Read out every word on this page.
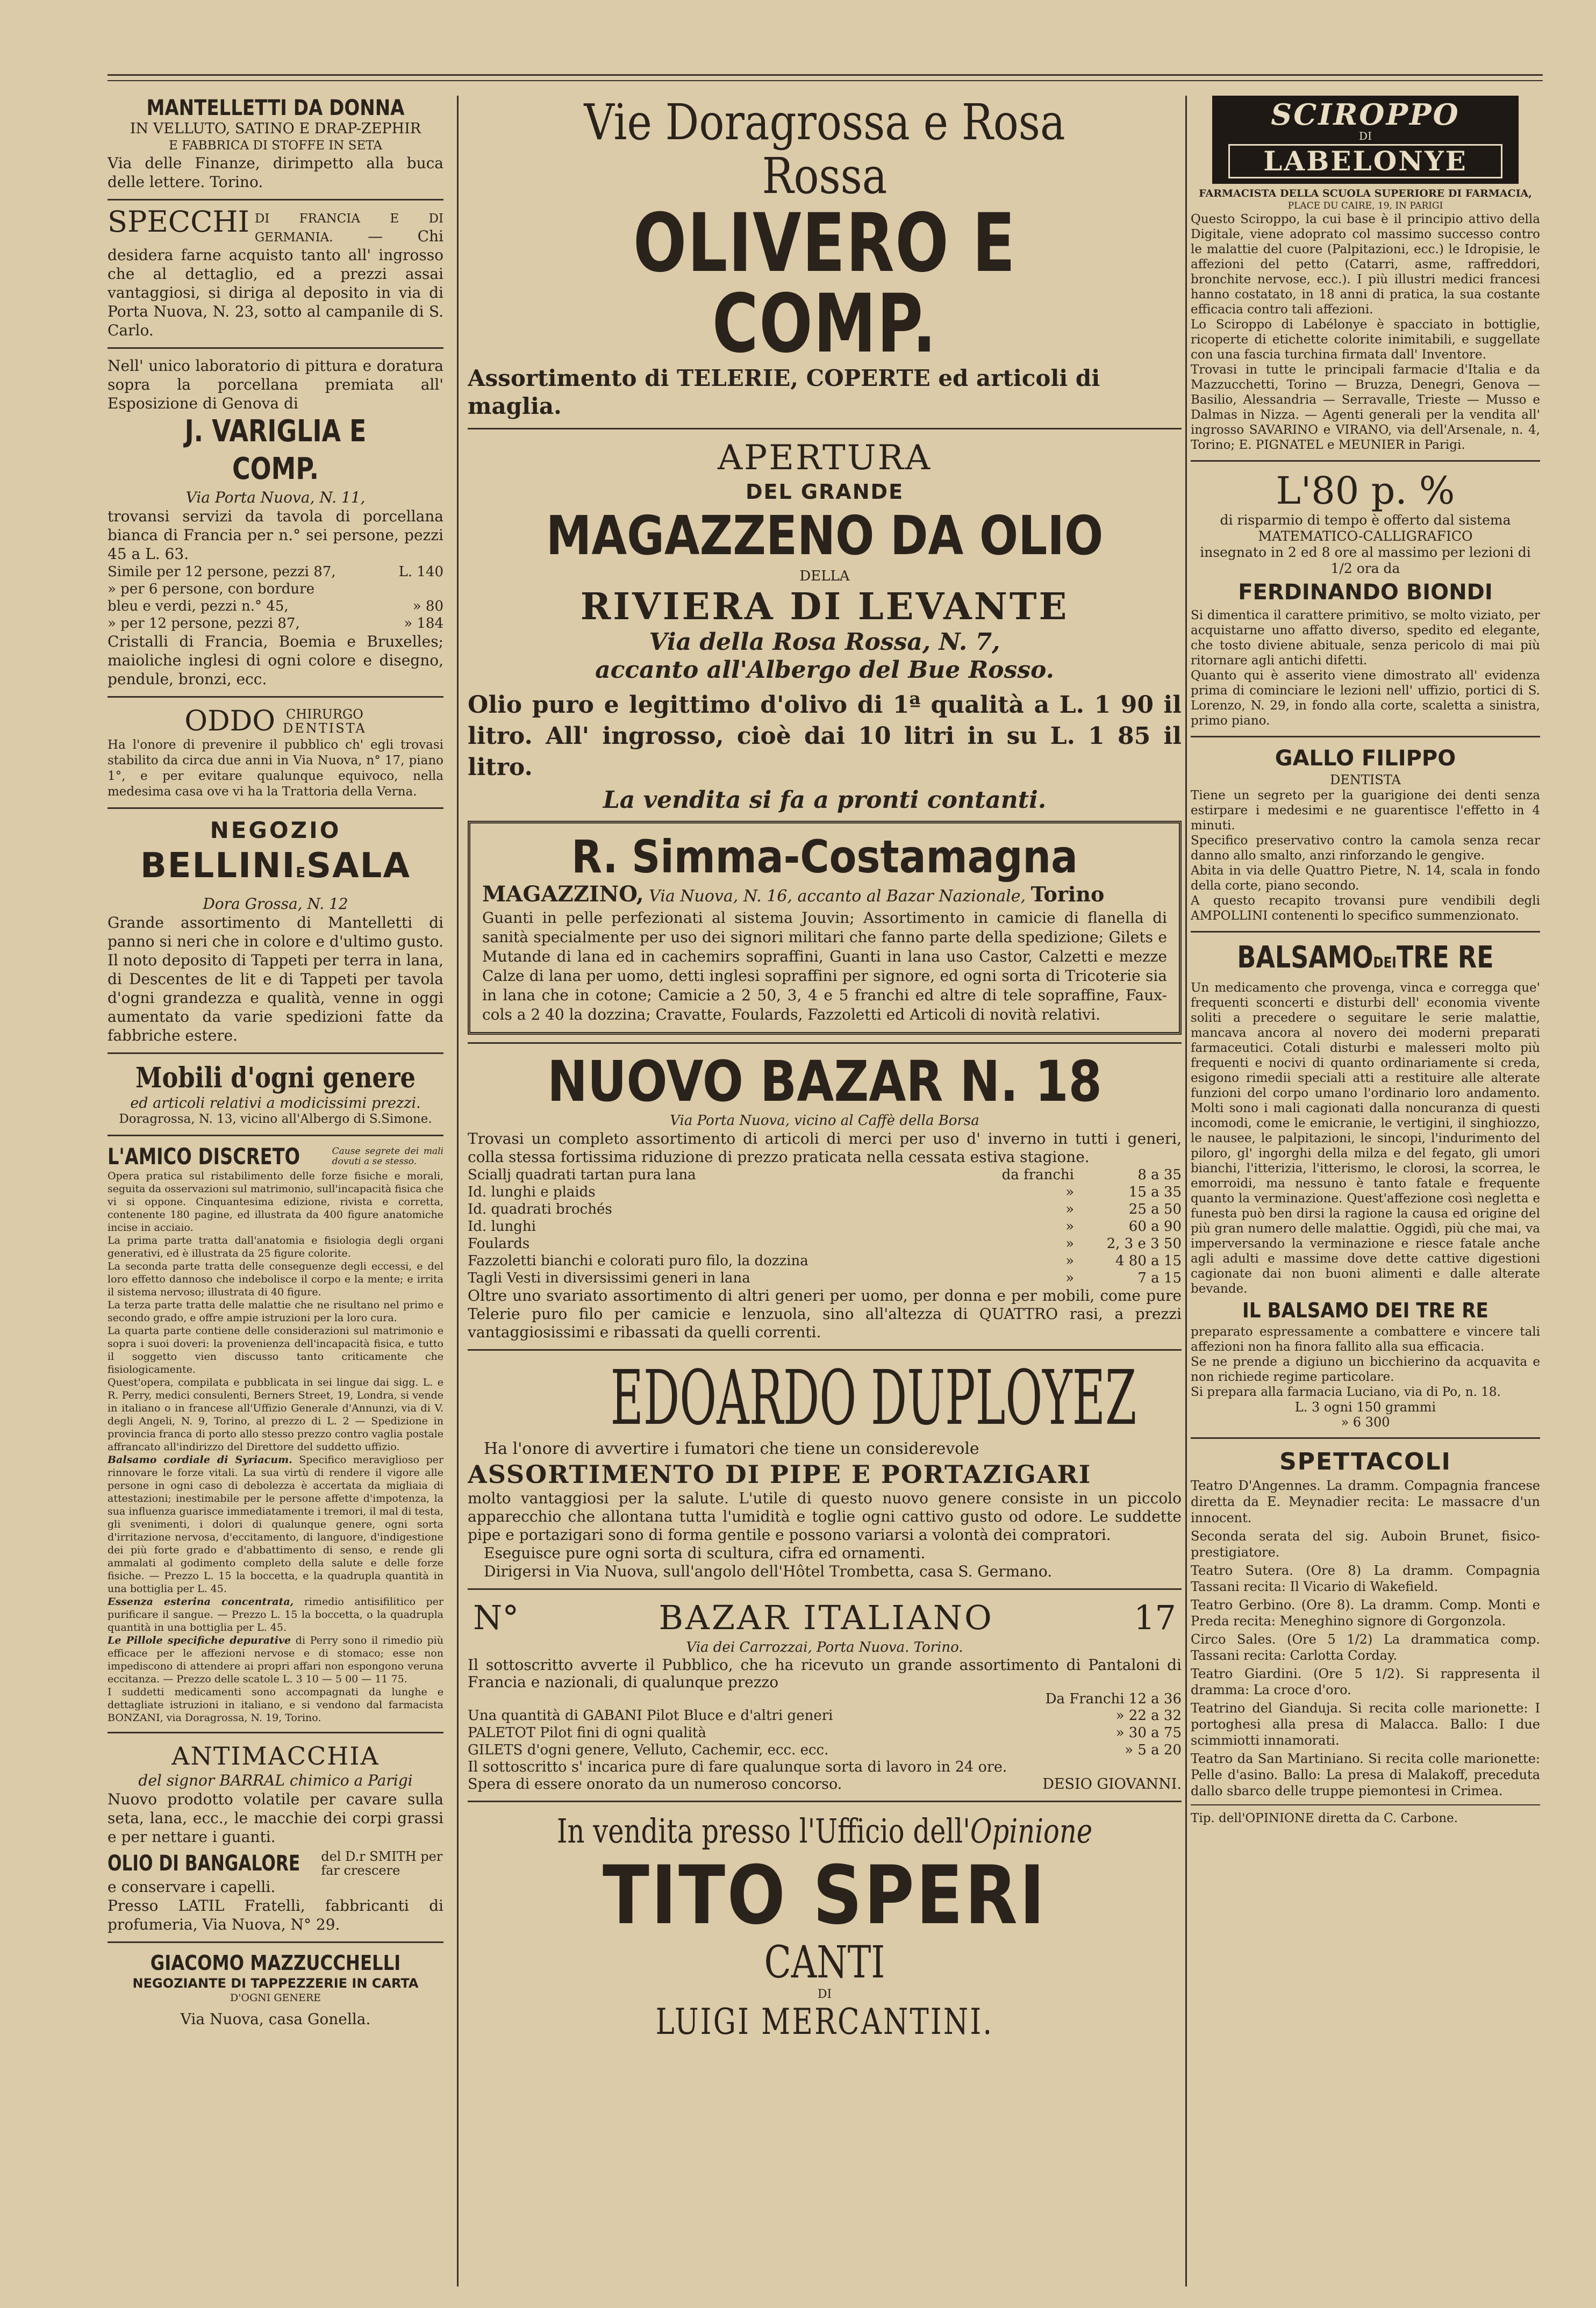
MANTELLETTI DA DONNA
IN VELLUTO, SATINO E DRAP-ZEPHIR
E FABBRICA DI STOFFE IN SETA
Via delle Finanze, dirimpetto alla buca delle lettere. Torino.
SPECCHI DI FRANCIA E DI GERMANIA. — Chi desidera farne acquisto tanto all' ingrosso che al dettaglio, ed a prezzi assai vantaggiosi, si diriga al deposito in via di Porta Nuova, N. 23, sotto al campanile di S. Carlo.

Nell' unico laboratorio di pittura e doratura sopra la porcellana premiata all' Esposizione di Genova di

J. VARIGLIA E COMP.
Via Porta Nuova, N. 11,

trovansi servizi da tavola di porcellana bianca di Francia per n.° sei persone, pezzi 45 a L. 63.

Simile per 12 persone, pezzi 87,	L. 140
» per 6 persone, con bordure
bleu e verdi, pezzi n.° 45,	» 80
» per 12 persone, pezzi 87,	» 184

Cristalli di Francia, Boemia e Bruxelles; maioliche inglesi di ogni colore e disegno, pendule, bronzi, ecc.

ODDO CHIRURGO
DENTISTA

Ha l'onore di prevenire il pubblico ch' egli trovasi stabilito da circa due anni in Via Nuova, n° 17, piano 1°, e per evitare qualunque equivoco, nella medesima casa ove vi ha la Trattoria della Verna.

NEGOZIO
BELLINIESALA
Dora Grossa, N. 12

Grande assortimento di Mantelletti di panno si neri che in colore e d'ultimo gusto. Il noto deposito di Tappeti per terra in lana, di Descentes de lit e di Tappeti per tavola d'ogni grandezza e qualità, venne in oggi aumentato da varie spedizioni fatte da fabbriche estere.

Mobili d'ogni genere
ed articoli relativi a modicissimi prezzi.
Doragrossa, N. 13, vicino all'Albergo di S.Simone.
L'AMICO DISCRETO	Cause segrete dei mali dovuti a se stesso.

Opera pratica sul ristabilimento delle forze fisiche e morali, seguita da osservazioni sul matrimonio, sull'incapacità fisica che vi si oppone. Cinquantesima edizione, rivista e corretta, contenente 180 pagine, ed illustrata da 400 figure anatomiche incise in acciaio.

La prima parte tratta dall'anatomia e fisiologia degli organi generativi, ed è illustrata da 25 figure colorite.

La seconda parte tratta delle conseguenze degli eccessi, e del loro effetto dannoso che indebolisce il corpo e la mente; e irrita il sistema nervoso; illustrata di 40 figure.

La terza parte tratta delle malattie che ne risultano nel primo e secondo grado, e offre ampie istruzioni per la loro cura.

La quarta parte contiene delle considerazioni sul matrimonio e sopra i suoi doveri: la provenienza dell'incapacità fisica, e tutto il soggetto vien discusso tanto criticamente che fisiologicamente.

Quest'opera, compilata e pubblicata in sei lingue dai sigg. L. e R. Perry, medici consulenti, Berners Street, 19, Londra, si vende in italiano o in francese all'Uffizio Generale d'Annunzi, via di V. degli Angeli, N. 9, Torino, al prezzo di L. 2 — Spedizione in provincia franca di porto allo stesso prezzo contro vaglia postale affrancato all'indirizzo del Direttore del suddetto uffizio.

Balsamo cordiale di Syriacum. Specifico meraviglioso per rinnovare le forze vitali. La sua virtù di rendere il vigore alle persone in ogni caso di debolezza è accertata da migliaia di attestazioni; inestimabile per le persone affette d'impotenza, la sua influenza guarisce immediatamente i tremori, il mal di testa, gli svenimenti, i dolori di qualunque genere, ogni sorta d'irritazione nervosa, d'eccitamento, di languore, d'indigestione dei più forte grado e d'abbattimento di senso, e rende gli ammalati al godimento completo della salute e delle forze fisiche. — Prezzo L. 15 la boccetta, e la quadrupla quantità in una bottiglia per L. 45.

Essenza esterina concentrata, rimedio antisifilitico per purificare il sangue. — Prezzo L. 15 la boccetta, o la quadrupla quantità in una bottiglia per L. 45.

Le Pillole specifiche depurative di Perry sono il rimedio più efficace per le affezioni nervose e di stomaco; esse non impediscono di attendere ai propri affari non espongono veruna eccitanza. — Prezzo delle scatole L. 3 10 — 5 00 — 11 75.

I suddetti medicamenti sono accompagnati da lunghe e dettagliate istruzioni in italiano, e si vendono dal farmacista BONZANI, via Doragrossa, N. 19, Torino.

ANTIMACCHIA
del signor BARRAL chimico a Parigi

Nuovo prodotto volatile per cavare sulla seta, lana, ecc., le macchie dei corpi grassi e per nettare i guanti.

OLIO DI BANGALORE del D.r SMITH per far crescere

e conservare i capelli.

Presso LATIL Fratelli, fabbricanti di profumeria, Via Nuova, N° 29.

GIACOMO MAZZUCCHELLI
NEGOZIANTE DI TAPPEZZERIE IN CARTA
D'OGNI GENERE
Via Nuova, casa Gonella.
Vie Doragrossa e Rosa Rossa
OLIVERO E COMP.

Assortimento di TELERIE, COPERTE ed articoli di maglia.

APERTURA
DEL GRANDE
MAGAZZENO DA OLIO
DELLA
RIVIERA DI LEVANTE
Via della Rosa Rossa, N. 7,
accanto all'Albergo del Bue Rosso.

Olio puro e legittimo d'olivo di 1ª qualità a L. 1 90 il litro. All' ingrosso, cioè dai 10 litri in su L. 1 85 il litro.

La vendita si fa a pronti contanti.
R. Simma-Costamagna
MAGAZZINO, Via Nuova, N. 16, accanto al Bazar Nazionale, Torino

Guanti in pelle perfezionati al sistema Jouvin; Assortimento in camicie di flanella di sanità specialmente per uso dei signori militari che fanno parte della spedizione; Gilets e Mutande di lana ed in cachemirs sopraffini, Guanti in lana uso Castor, Calzetti e mezze Calze di lana per uomo, detti inglesi sopraffini per signore, ed ogni sorta di Tricoterie sia in lana che in cotone; Camicie a 2 50, 3, 4 e 5 franchi ed altre di tele sopraffine, Faux-cols a 2 40 la dozzina; Cravatte, Foulards, Fazzoletti ed Articoli di novità relativi.

NUOVO BAZAR N. 18
Via Porta Nuova, vicino al Caffè della Borsa

Trovasi un completo assortimento di articoli di merci per uso d' inverno in tutti i generi, colla stessa fortissima riduzione di prezzo praticata nella cessata estiva stagione.

Sciallj quadrati tartan pura lana	da franchi	8 a 35
Id. lunghi e plaids	»	15 a 35
Id. quadrati brochés	»	25 a 50
Id. lunghi	»	60 a 90
Foulards	»	2, 3 e 3 50
Fazzoletti bianchi e colorati puro filo, la dozzina	»	4 80 a 15
Tagli Vesti in diversissimi generi in lana	»	7 a 15

Oltre uno svariato assortimento di altri generi per uomo, per donna e per mobili, come pure Telerie puro filo per camicie e lenzuola, sino all'altezza di QUATTRO rasi, a prezzi vantaggiosissimi e ribassati da quelli correnti.

EDOARDO DUPLOYEZ
Ha l'onore di avvertire i fumatori che tiene un considerevole
ASSORTIMENTO DI PIPE E PORTAZIGARI

molto vantaggiosi per la salute. L'utile di questo nuovo genere consiste in un piccolo apparecchio che allontana tutta l'umidità e toglie ogni cattivo gusto od odore. Le suddette pipe e portazigari sono di forma gentile e possono variarsi a volontà dei compratori.

Eseguisce pure ogni sorta di scultura, cifra ed ornamenti.

Dirigersi in Via Nuova, sull'angolo dell'Hôtel Trombetta, casa S. Germano.

N°	BAZAR ITALIANO	17
Via dei Carrozzai, Porta Nuova. Torino.

Il sottoscritto avverte il Pubblico, che ha ricevuto un grande assortimento di Pantaloni di Francia e nazionali, di qualunque prezzo

Da Franchi 12 a 36
Una quantità di GABANI Pilot Bluce e d'altri generi	» 22 a 32
PALETOT Pilot fini di ogni qualità	» 30 a 75
GILETS d'ogni genere, Velluto, Cachemir, ecc. ecc.	» 5 a 20

Il sottoscritto s' incarica pure di fare qualunque sorta di lavoro in 24 ore.

Spera di essere onorato da un numeroso concorso.	DESIO GIOVANNI.
In vendita presso l'Ufficio dell'Opinione
TITO SPERI
CANTI
DI
LUIGI MERCANTINI.
SCIROPPO
DI
LABELONYE
FARMACISTA DELLA SCUOLA SUPERIORE DI FARMACIA,
PLACE DU CAIRE, 19, IN PARIGI

Questo Sciroppo, la cui base è il principio attivo della Digitale, viene adoprato col massimo successo contro le malattie del cuore (Palpitazioni, ecc.) le Idropisie, le affezioni del petto (Catarri, asme, raffreddori, bronchite nervose, ecc.). I più illustri medici francesi hanno costatato, in 18 anni di pratica, la sua costante efficacia contro tali affezioni.

Lo Sciroppo di Labélonye è spacciato in bottiglie, ricoperte di etichette colorite inimitabili, e suggellate con una fascia turchina firmata dall' Inventore.

Trovasi in tutte le principali farmacie d'Italia e da Mazzucchetti, Torino — Bruzza, Denegri, Genova — Basilio, Alessandria — Serravalle, Trieste — Musso e Dalmas in Nizza. — Agenti generali per la vendita all' ingrosso SAVARINO e VIRANO, via dell'Arsenale, n. 4, Torino; E. PIGNATEL e MEUNIER in Parigi.

L'80 p. %
di risparmio di tempo è offerto dal sistema
MATEMATICO-CALLIGRAFICO
insegnato in 2 ed 8 ore al massimo per lezioni di 1/2 ora da
FERDINANDO BIONDI

Si dimentica il carattere primitivo, se molto viziato, per acquistarne uno affatto diverso, spedito ed elegante, che tosto diviene abituale, senza pericolo di mai più ritornare agli antichi difetti.

Quanto qui è asserito viene dimostrato all' evidenza prima di cominciare le lezioni nell' uffizio, portici di S. Lorenzo, N. 29, in fondo alla corte, scaletta a sinistra, primo piano.

GALLO FILIPPO
DENTISTA

Tiene un segreto per la guarigione dei denti senza estirpare i medesimi e ne guarentisce l'effetto in 4 minuti.

Specifico preservativo contro la camola senza recar danno allo smalto, anzi rinforzando le gengive.

Abita in via delle Quattro Pietre, N. 14, scala in fondo della corte, piano secondo.

A questo recapito trovansi pure vendibili degli AMPOLLINI contenenti lo specifico summenzionato.

BALSAMODEITRE RE

Un medicamento che provenga, vinca e corregga que' frequenti sconcerti e disturbi dell' economia vivente soliti a precedere o seguitare le serie malattie, mancava ancora al novero dei moderni preparati farmaceutici. Cotali disturbi e malesseri molto più frequenti e nocivi di quanto ordinariamente si creda, esigono rimedii speciali atti a restituire alle alterate funzioni del corpo umano l'ordinario loro andamento. Molti sono i mali cagionati dalla noncuranza di questi incomodi, come le emicranie, le vertigini, il singhiozzo, le nausee, le palpitazioni, le sincopi, l'indurimento del piloro, gl' ingorghi della milza e del fegato, gli umori bianchi, l'itterizia, l'itterismo, le clorosi, la scorrea, le emorroidi, ma nessuno è tanto fatale e frequente quanto la verminazione. Quest'affezione così negletta e funesta può ben dirsi la ragione la causa ed origine del più gran numero delle malattie. Oggidì, più che mai, va imperversando la verminazione e riesce fatale anche agli adulti e massime dove dette cattive digestioni cagionate dai non buoni alimenti e dalle alterate bevande.

IL BALSAMO DEI TRE RE

preparato espressamente a combattere e vincere tali affezioni non ha finora fallito alla sua efficacia.

Se ne prende a digiuno un bicchierino da acquavita e non richiede regime particolare.

Si prepara alla farmacia Luciano, via di Po, n. 18.

L. 3 ogni 150 grammi
» 6 300
SPETTACOLI

Teatro D'Angennes. La dramm. Compagnia francese diretta da E. Meynadier recita: Le massacre d'un innocent.

Seconda serata del sig. Auboin Brunet, fisico-prestigiatore.

Teatro Sutera. (Ore 8) La dramm. Compagnia Tassani recita: Il Vicario di Wakefield.

Teatro Gerbino. (Ore 8). La dramm. Comp. Monti e Preda recita: Meneghino signore di Gorgonzola.

Circo Sales. (Ore 5 1/2) La drammatica comp. Tassani recita: Carlotta Corday.

Teatro Giardini. (Ore 5 1/2). Si rappresenta il dramma: La croce d'oro.

Teatrino del Gianduja. Si recita colle marionette: I portoghesi alla presa di Malacca. Ballo: I due scimmiotti innamorati.

Teatro da San Martiniano. Si recita colle marionette: Pelle d'asino. Ballo: La presa di Malakoff, preceduta dallo sbarco delle truppe piemontesi in Crimea.

Tip. dell'OPINIONE diretta da C. Carbone.
